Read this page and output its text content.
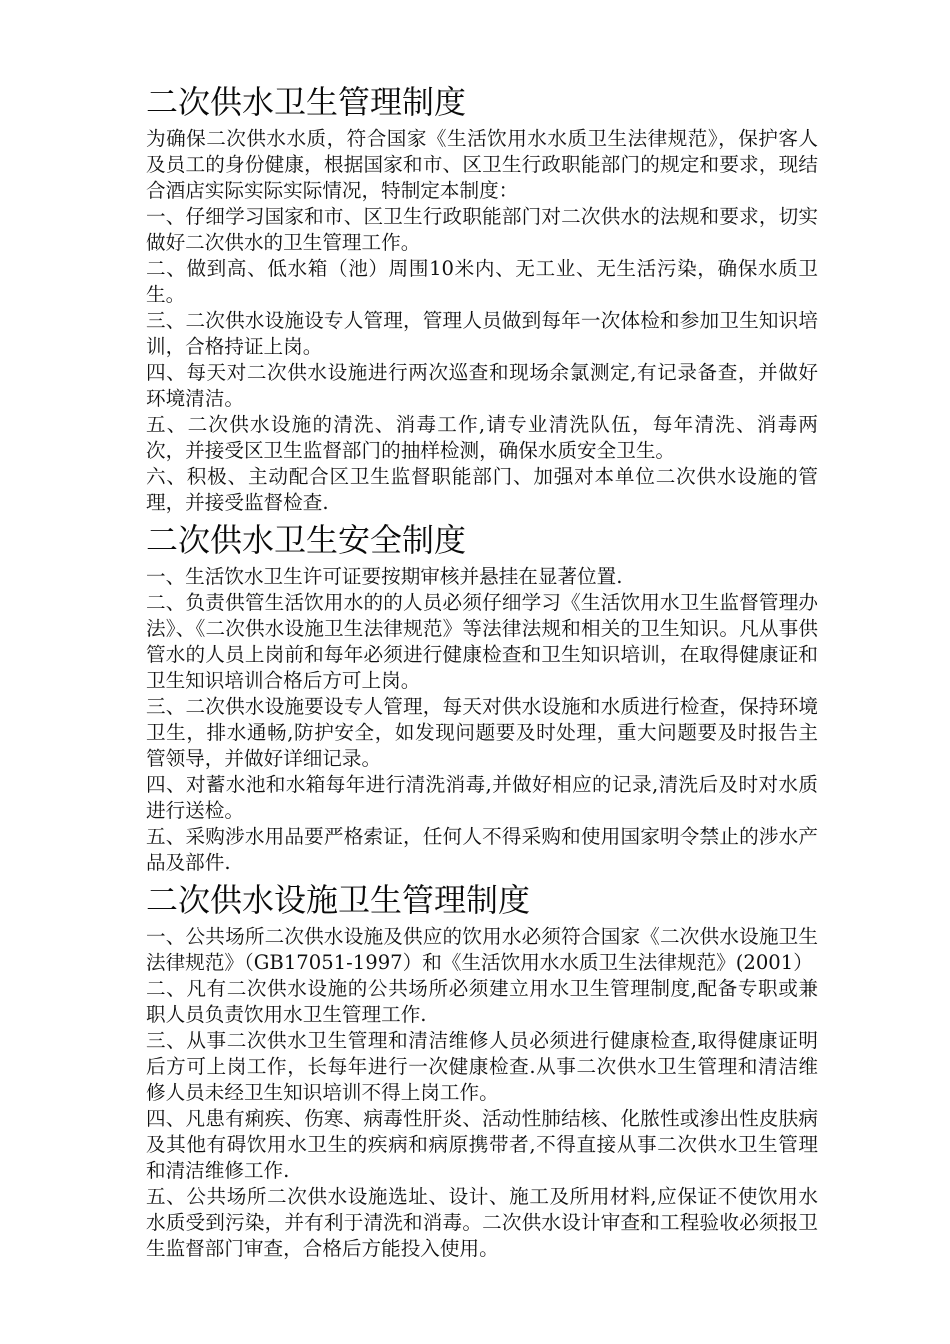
二次供水卫生管理制度

为确保二次供水水质，符合国家《生活饮用水水质卫生法律规范》，保护客人及员工的身份健康，根据国家和市、区卫生行政职能部门的规定和要求，现结合酒店实际实际实际情况，特制定本制度：

一、仔细学习国家和市、区卫生行政职能部门对二次供水的法规和要求，切实做好二次供水的卫生管理工作。

二、做到高、低水箱（池）周围10米内、无工业、无生活污染，确保水质卫生。

三、二次供水设施设专人管理，管理人员做到每年一次体检和参加卫生知识培训，合格持证上岗。

四、每天对二次供水设施进行两次巡查和现场余氯测定,有记录备查，并做好环境清洁。

五、二次供水设施的清洗、消毒工作,请专业清洗队伍，每年清洗、消毒两次，并接受区卫生监督部门的抽样检测，确保水质安全卫生。

六、积极、主动配合区卫生监督职能部门、加强对本单位二次供水设施的管理，并接受监督检查.

二次供水卫生安全制度

一、生活饮水卫生许可证要按期审核并悬挂在显著位置.

二、负责供管生活饮用水的的人员必须仔细学习《生活饮用水卫生监督管理办法》、《二次供水设施卫生法律规范》等法律法规和相关的卫生知识。凡从事供管水的人员上岗前和每年必须进行健康检查和卫生知识培训，在取得健康证和卫生知识培训合格后方可上岗。

三、二次供水设施要设专人管理，每天对供水设施和水质进行检查，保持环境卫生，排水通畅,防护安全，如发现问题要及时处理，重大问题要及时报告主管领导，并做好详细记录。

四、对蓄水池和水箱每年进行清洗消毒,并做好相应的记录,清洗后及时对水质进行送检。

五、采购涉水用品要严格索证，任何人不得采购和使用国家明令禁止的涉水产品及部件.

二次供水设施卫生管理制度

一、公共场所二次供水设施及供应的饮用水必须符合国家《二次供水设施卫生法律规范》（GB17051-1997）和《生活饮用水水质卫生法律规范》(2001）

二、凡有二次供水设施的公共场所必须建立用水卫生管理制度,配备专职或兼职人员负责饮用水卫生管理工作.

三、从事二次供水卫生管理和清洁维修人员必须进行健康检查,取得健康证明后方可上岗工作，长每年进行一次健康检查.从事二次供水卫生管理和清洁维修人员未经卫生知识培训不得上岗工作。

四、凡患有痢疾、伤寒、病毒性肝炎、活动性肺结核、化脓性或渗出性皮肤病及其他有碍饮用水卫生的疾病和病原携带者,不得直接从事二次供水卫生管理和清洁维修工作.

五、公共场所二次供水设施选址、设计、施工及所用材料,应保证不使饮用水水质受到污染，并有利于清洗和消毒。二次供水设计审查和工程验收必须报卫生监督部门审查，合格后方能投入使用。
